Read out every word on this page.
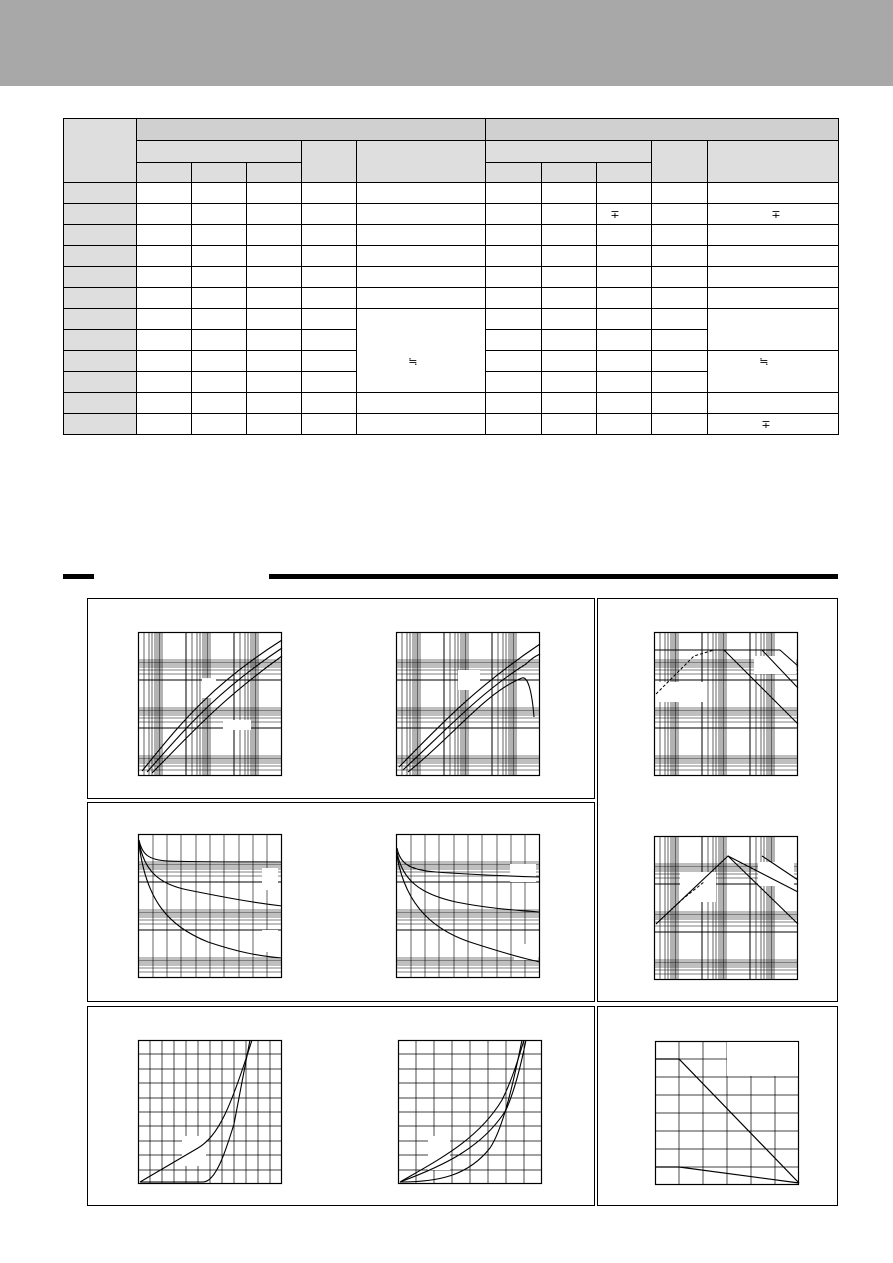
∓	∓
≒	≒
∓
